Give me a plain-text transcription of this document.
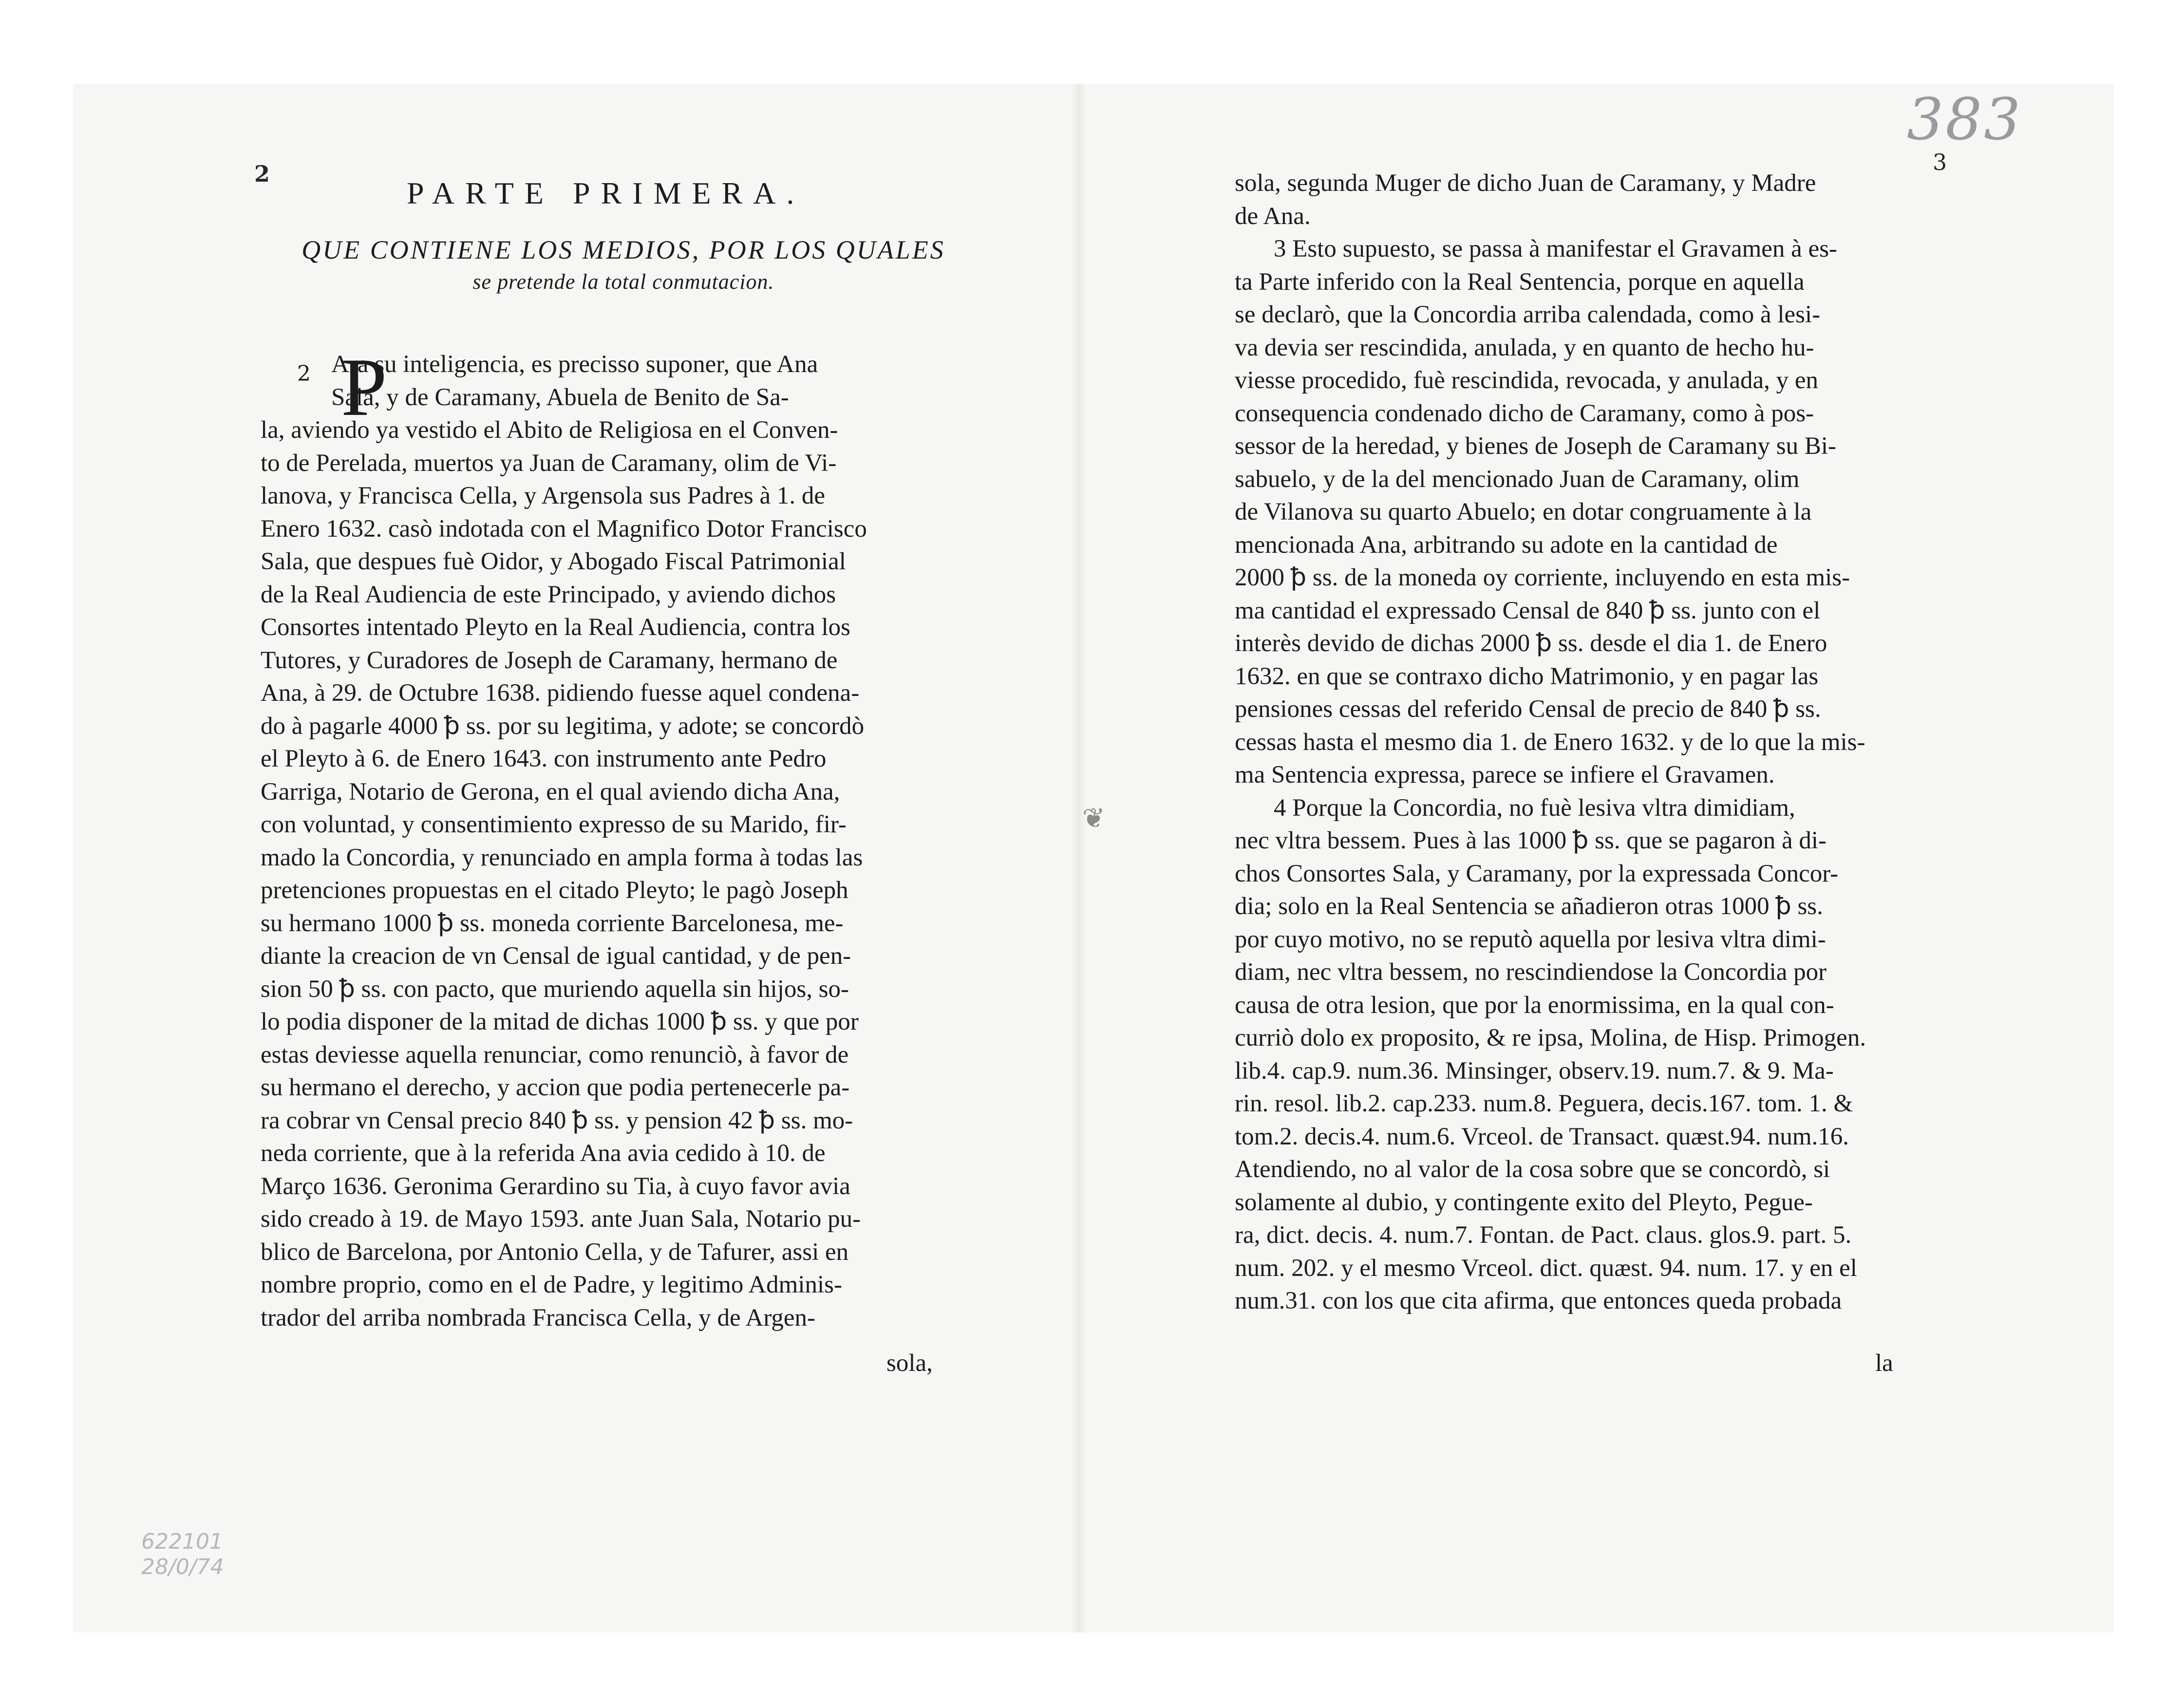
❦
2
PARTE PRIMERA.
QUE CONTIENE LOS MEDIOS, POR LOS QUALES
se pretende la total conmutacion.
2 P
Ara su inteligencia, es precisso suponer, que Ana
Sala, y de Caramany, Abuela de Benito de Sa-
la, aviendo ya vestido el Abito de Religiosa en el Conven-
to de Perelada, muertos ya Juan de Caramany, olim de Vi-
lanova, y Francisca Cella, y Argensola sus Padres à 1. de
Enero 1632. casò indotada con el Magnifico Dotor Francisco
Sala, que despues fuè Oidor, y Abogado Fiscal Patrimonial
de la Real Audiencia de este Principado, y aviendo dichos
Consortes intentado Pleyto en la Real Audiencia, contra los
Tutores, y Curadores de Joseph de Caramany, hermano de
Ana, à 29. de Octubre 1638. pidiendo fuesse aquel condena-
do à pagarle 4000 ꝥ ss. por su legitima, y adote; se concordò
el Pleyto à 6. de Enero 1643. con instrumento ante Pedro
Garriga, Notario de Gerona, en el qual aviendo dicha Ana,
con voluntad, y consentimiento expresso de su Marido, fir-
mado la Concordia, y renunciado en ampla forma à todas las
pretenciones propuestas en el citado Pleyto; le pagò Joseph
su hermano 1000 ꝥ ss. moneda corriente Barcelonesa, me-
diante la creacion de vn Censal de igual cantidad, y de pen-
sion 50 ꝥ ss. con pacto, que muriendo aquella sin hijos, so-
lo podia disponer de la mitad de dichas 1000 ꝥ ss. y que por
estas deviesse aquella renunciar, como renunciò, à favor de
su hermano el derecho, y accion que podia pertenecerle pa-
ra cobrar vn Censal precio 840 ꝥ ss. y pension 42 ꝥ ss. mo-
neda corriente, que à la referida Ana avia cedido à 10. de
Março 1636. Geronima Gerardino su Tia, à cuyo favor avia
sido creado à 19. de Mayo 1593. ante Juan Sala, Notario pu-
blico de Barcelona, por Antonio Cella, y de Tafurer, assi en
nombre proprio, como en el de Padre, y legitimo Adminis-
trador del arriba nombrada Francisca Cella, y de Argen-
sola,
383
3
sola, segunda Muger de dicho Juan de Caramany, y Madre
de Ana.
3 Esto supuesto, se passa à manifestar el Gravamen à es-
ta Parte inferido con la Real Sentencia, porque en aquella
se declarò, que la Concordia arriba calendada, como à lesi-
va devia ser rescindida, anulada, y en quanto de hecho hu-
viesse procedido, fuè rescindida, revocada, y anulada, y en
consequencia condenado dicho de Caramany, como à pos-
sessor de la heredad, y bienes de Joseph de Caramany su Bi-
sabuelo, y de la del mencionado Juan de Caramany, olim
de Vilanova su quarto Abuelo; en dotar congruamente à la
mencionada Ana, arbitrando su adote en la cantidad de
2000 ꝥ ss. de la moneda oy corriente, incluyendo en esta mis-
ma cantidad el expressado Censal de 840 ꝥ ss. junto con el
interès devido de dichas 2000 ꝥ ss. desde el dia 1. de Enero
1632. en que se contraxo dicho Matrimonio, y en pagar las
pensiones cessas del referido Censal de precio de 840 ꝥ ss.
cessas hasta el mesmo dia 1. de Enero 1632. y de lo que la mis-
ma Sentencia expressa, parece se infiere el Gravamen.
4 Porque la Concordia, no fuè lesiva vltra dimidiam,
nec vltra bessem. Pues à las 1000 ꝥ ss. que se pagaron à di-
chos Consortes Sala, y Caramany, por la expressada Concor-
dia; solo en la Real Sentencia se añadieron otras 1000 ꝥ ss.
por cuyo motivo, no se reputò aquella por lesiva vltra dimi-
diam, nec vltra bessem, no rescindiendose la Concordia por
causa de otra lesion, que por la enormissima, en la qual con-
curriò dolo ex proposito, & re ipsa, Molina, de Hisp. Primogen.
lib.4. cap.9. num.36. Minsinger, observ.19. num.7. & 9. Ma-
rin. resol. lib.2. cap.233. num.8. Peguera, decis.167. tom. 1. &
tom.2. decis.4. num.6. Vrceol. de Transact. quæst.94. num.16.
Atendiendo, no al valor de la cosa sobre que se concordò, si
solamente al dubio, y contingente exito del Pleyto, Pegue-
ra, dict. decis. 4. num.7. Fontan. de Pact. claus. glos.9. part. 5.
num. 202. y el mesmo Vrceol. dict. quæst. 94. num. 17. y en el
num.31. con los que cita afirma, que entonces queda probada
la
622101
28/0/74
